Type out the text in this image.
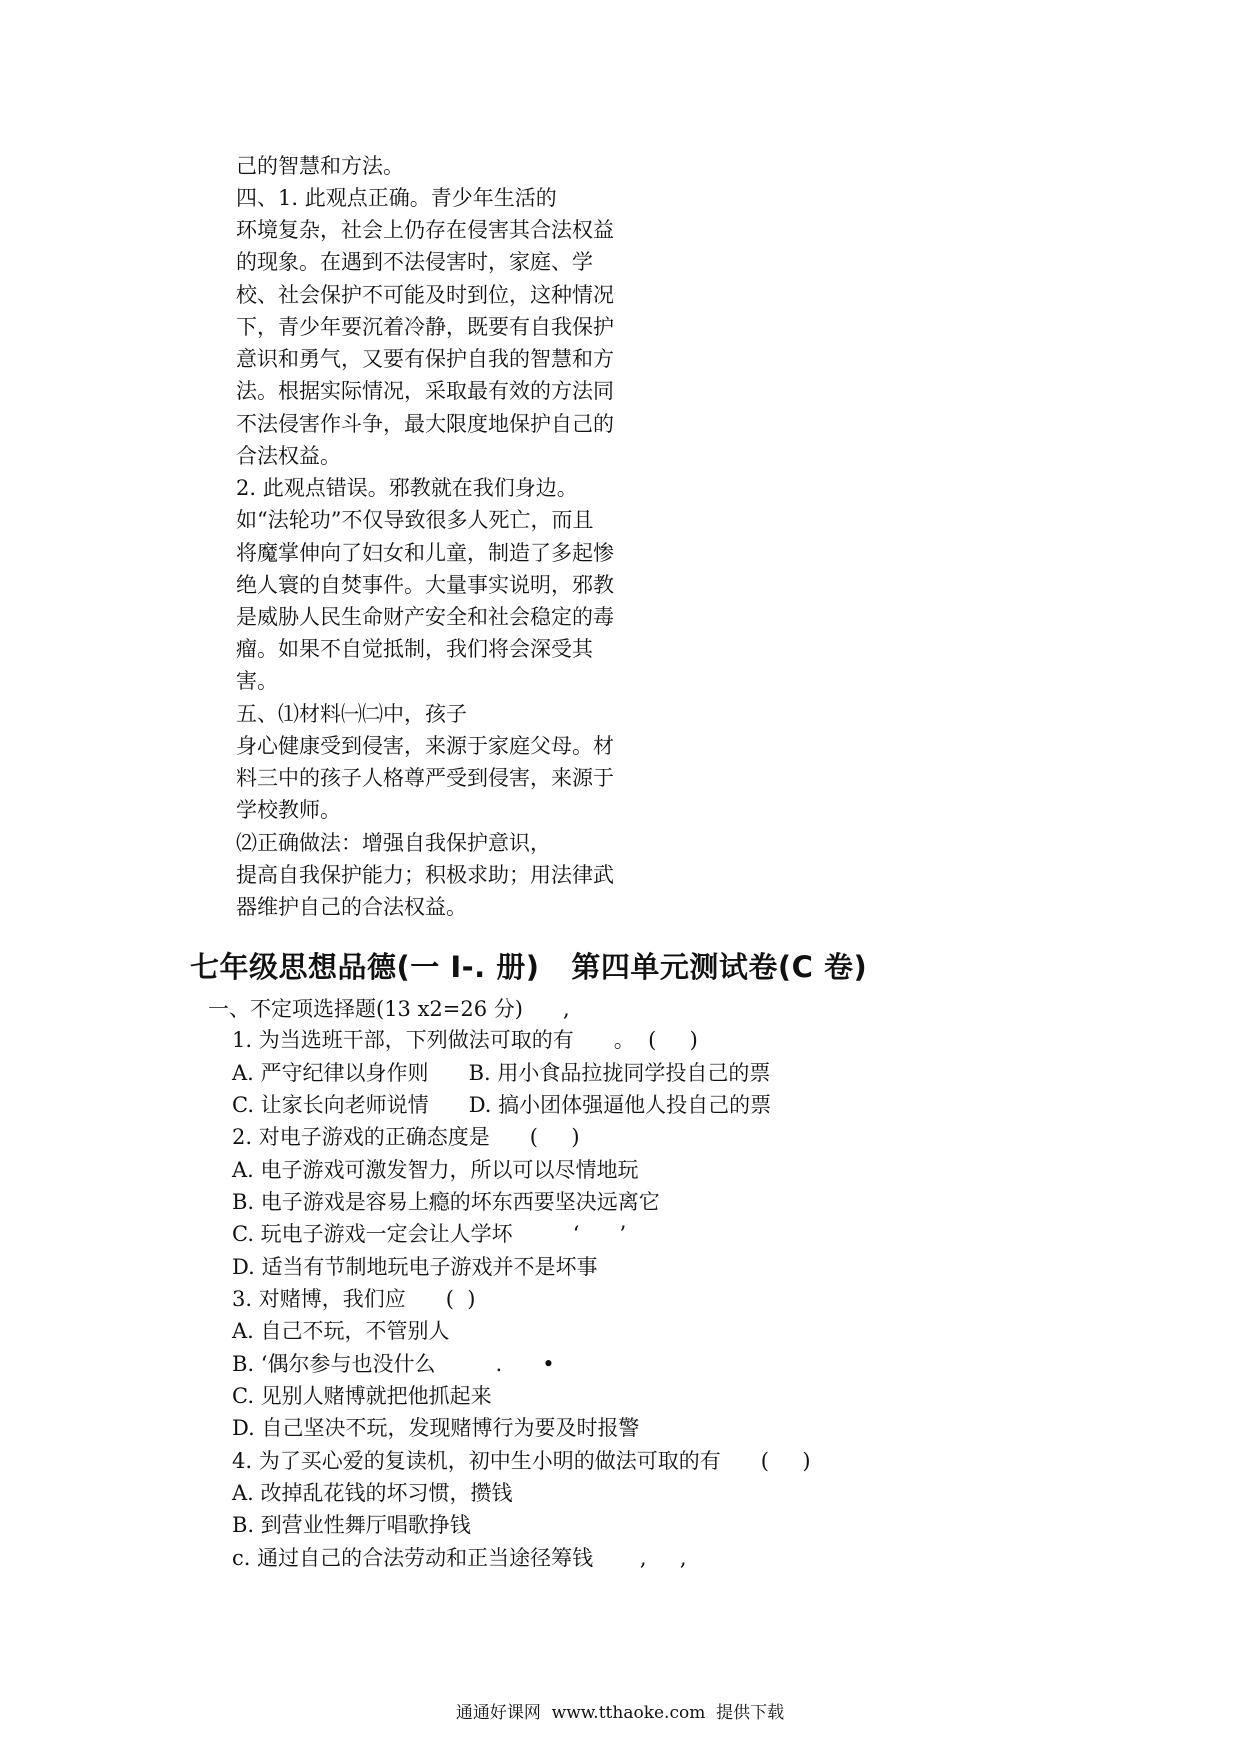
己的智慧和方法。
四、1. 此观点正确。青少年生活的
环境复杂，社会上仍存在侵害其合法权益
的现象。在遇到不法侵害时，家庭、学
校、社会保护不可能及时到位，这种情况
下，青少年要沉着冷静，既要有自我保护
意识和勇气，又要有保护自我的智慧和方
法。根据实际情况，采取最有效的方法同
不法侵害作斗争，最大限度地保护自己的
合法权益。
2. 此观点错误。邪教就在我们身边。
如“法轮功”不仅导致很多人死亡，而且
将魔掌伸向了妇女和儿童，制造了多起惨
绝人寰的自焚事件。大量事实说明，邪教
是威胁人民生命财产安全和社会稳定的毒
瘤。如果不自觉抵制，我们将会深受其
害。
五、⑴材料㈠㈡中，孩子
身心健康受到侵害，来源于家庭父母。材
料三中的孩子人格尊严受到侵害，来源于
学校教师。
⑵正确做法：增强自我保护意识，
提高自我保护能力；积极求助；用法律武
器维护自己的合法权益。
七年级思想品德(一 I-. 册)   第四单元测试卷(C 卷)
一、不定项选择题(13 x2=26 分)      ,
1. 为当选班干部，下列做法可取的有      。  (     )
A. 严守纪律以身作则      B. 用小食品拉拢同学投自己的票
C. 让家长向老师说情      D. 搞小团体强逼他人投自己的票
2. 对电子游戏的正确态度是      (     )
A. 电子游戏可激发智力，所以可以尽情地玩
B. 电子游戏是容易上瘾的坏东西要坚决远离它
C. 玩电子游戏一定会让人学坏         ‘      ’
D. 适当有节制地玩电子游戏并不是坏事
3. 对赌博，我们应      (  )
A. 自己不玩，不管别人
B. ‘偶尔参与也没什么         .      •
C. 见别人赌博就把他抓起来
D. 自己坚决不玩，发现赌博行为要及时报警
4. 为了买心爱的复读机，初中生小明的做法可取的有      (     )
A. 改掉乱花钱的坏习惯，攒钱
B. 到营业性舞厅唱歌挣钱
c. 通过自己的合法劳动和正当途径筹钱       ,     ,
通通好课网  www.tthaoke.com  提供下载
